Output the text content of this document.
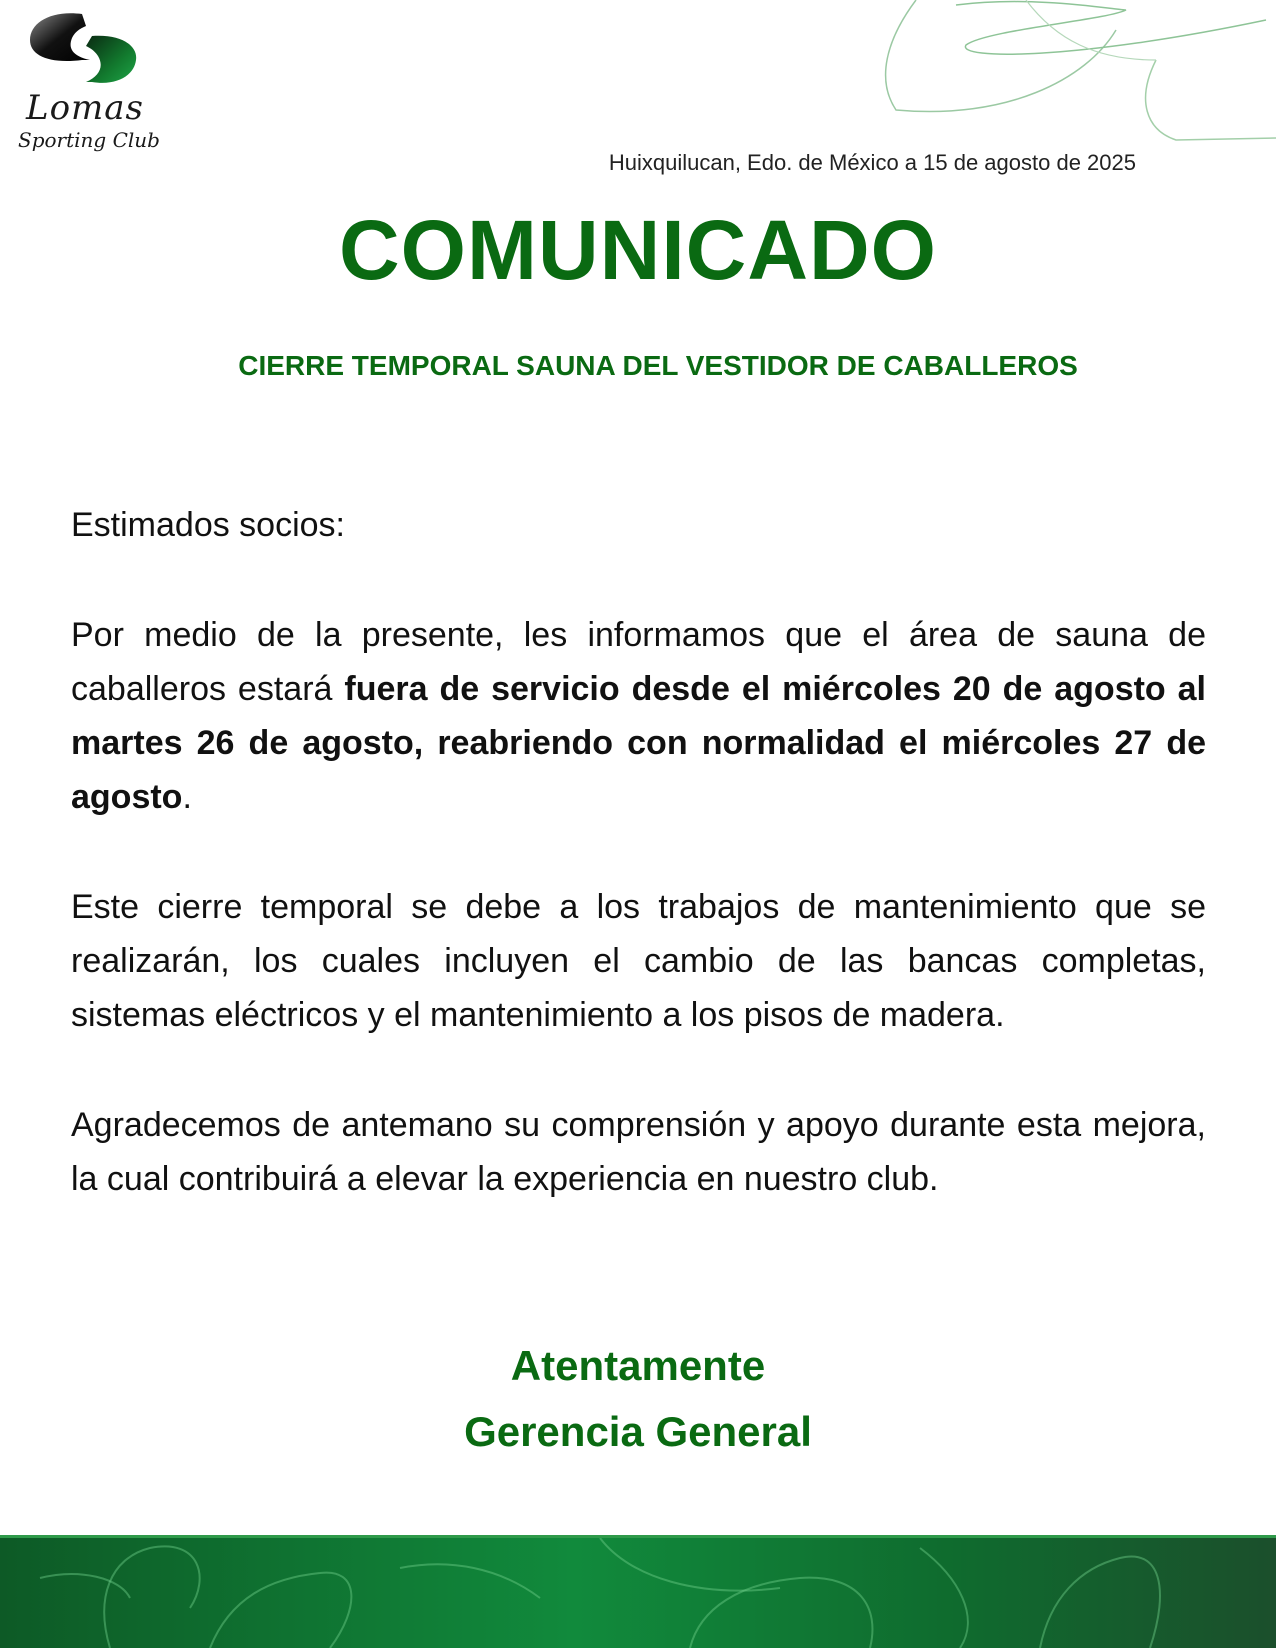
Lomas
Sporting Club
Huixquilucan, Edo. de México a 15 de agosto de 2025
COMUNICADO
CIERRE TEMPORAL SAUNA DEL VESTIDOR DE CABALLEROS

Estimados socios:

Por medio de la presente, les informamos que el área de sauna de caballeros estará fuera de servicio desde el miércoles 20 de agosto al martes 26 de agosto, reabriendo con normalidad el miércoles 27 de agosto.

Este cierre temporal se debe a los trabajos de mantenimiento que se realizarán, los cuales incluyen el cambio de las bancas completas, sistemas eléctricos y el mantenimiento a los pisos de madera.

Agradecemos de antemano su comprensión y apoyo durante esta mejora, la cual contribuirá a elevar la experiencia en nuestro club.

Atentamente
Gerencia General
